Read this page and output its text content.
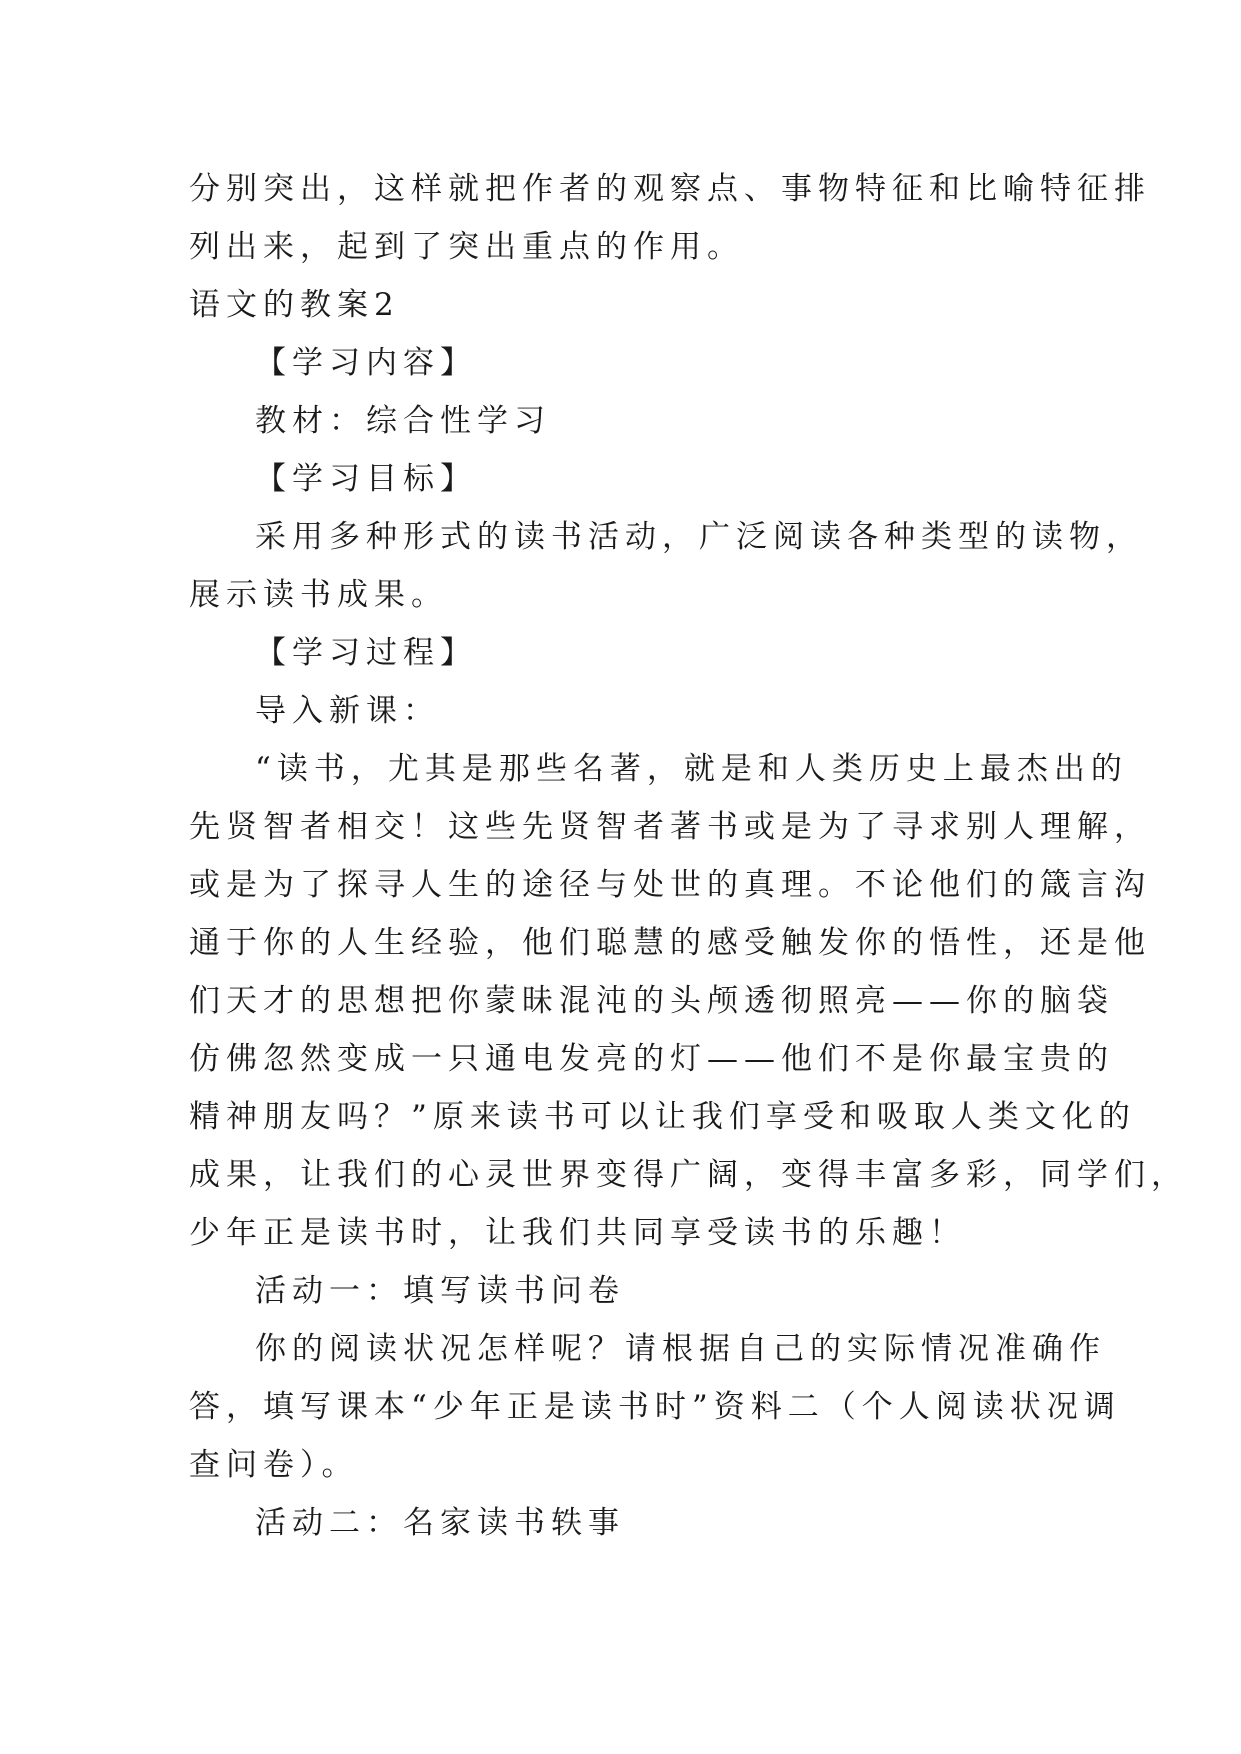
分别突出，这样就把作者的观察点、事物特征和比喻特征排
列出来，起到了突出重点的作用。
语文的教案2
【学习内容】
教材：综合性学习
【学习目标】
采用多种形式的读书活动，广泛阅读各种类型的读物，
展示读书成果。
【学习过程】
导入新课：
“读书，尤其是那些名著，就是和人类历史上最杰出的
先贤智者相交！这些先贤智者著书或是为了寻求别人理解，
或是为了探寻人生的途径与处世的真理。不论他们的箴言沟
通于你的人生经验，他们聪慧的感受触发你的悟性，还是他
们天才的思想把你蒙昧混沌的头颅透彻照亮——你的脑袋
仿佛忽然变成一只通电发亮的灯——他们不是你最宝贵的
精神朋友吗？”原来读书可以让我们享受和吸取人类文化的
成果，让我们的心灵世界变得广阔，变得丰富多彩，同学们，
少年正是读书时，让我们共同享受读书的乐趣！
活动一：填写读书问卷
你的阅读状况怎样呢？请根据自己的实际情况准确作
答，填写课本“少年正是读书时”资料二（个人阅读状况调
查问卷）。
活动二：名家读书轶事
